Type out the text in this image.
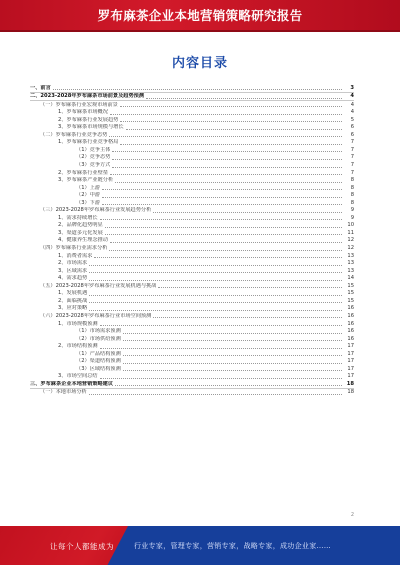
罗布麻茶企业本地营销策略研究报告
内容目录
一、前言	3
二、2023-2028年罗布麻茶市场前景及趋势预测	4
（一）罗布麻茶行业宏观市场前景	4
1、罗布麻茶市场概况	4
2、罗布麻茶行业发展趋势	5
3、罗布麻茶市场规模与增长	6
（二）罗布麻茶行业竞争态势	6
1、罗布麻茶行业竞争格局	7
（1）竞争主体	7
（2）竞争态势	7
（3）竞争方式	7
2、罗布麻茶行业壁垒	7
3、罗布麻茶产业链分析	8
（1）上游	8
（2）中游	8
（3）下游	8
（三）2023-2028年罗布麻茶行业发展趋势分析	9
1、需求持续增长	9
2、品牌化趋势明显	10
3、渠道多元化发展	11
4、健康养生理念推动	12
（四）罗布麻茶行业需求分析	12
1、消费者需求	13
2、市场需求	13
3、区域需求	13
4、需求趋势	14
（五）2023-2028年罗布麻茶行业发展机遇与挑战	15
1、发展机遇	15
2、面临挑战	15
3、应对策略	16
（六）2023-2028年罗布麻茶行业市场空间预测	16
1、市场规模预测	16
（1）市场需求预测	16
（2）市场供给预测	16
2、市场结构预测	17
（1）产品结构预测	17
（2）渠道结构预测	17
（3）区域结构预测	17
3、市场空间总结	17
三、罗布麻茶企业本地营销策略建议	18
（一）本地市场分析	18
2
让每个人都能成为	行业专家，管理专家，营销专家，战略专家，成功企业家……
